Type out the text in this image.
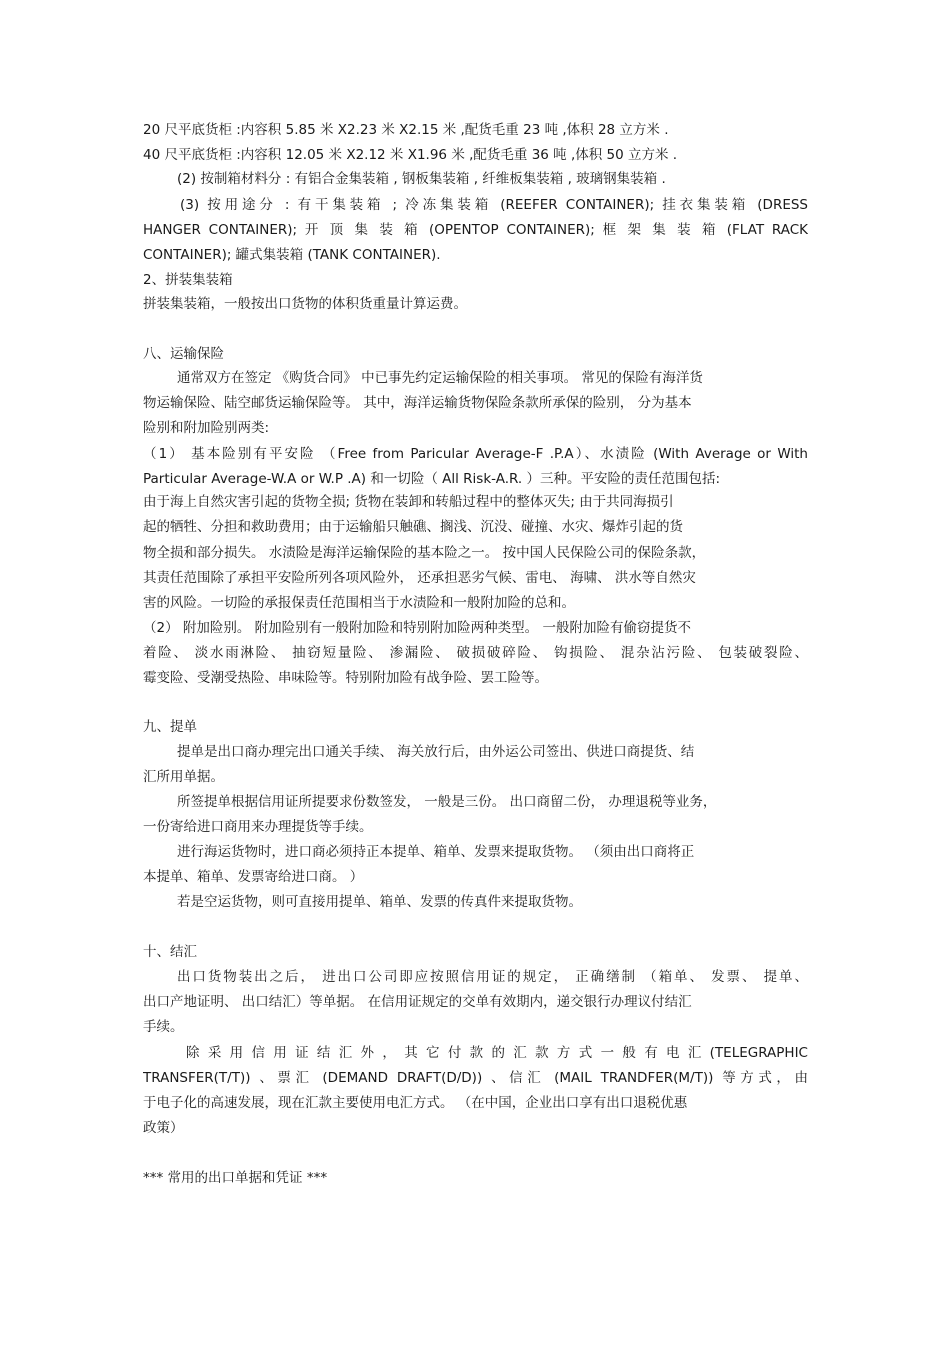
20 尺平底货柜 :内容积 5.85 米 X2.23 米 X2.15 米 ,配货毛重 23 吨 ,体积 28 立方米 .
40 尺平底货柜 :内容积 12.05 米 X2.12 米 X1.96 米 ,配货毛重 36 吨 ,体积 50 立方米 .
(2) 按制箱材料分 : 有铝合金集装箱 , 钢板集装箱 , 纤维板集装箱 , 玻璃钢集装箱 .
(3) 按用途分 : 有干集装箱 ; 冷冻集装箱 (REEFER CONTAINER); 挂衣集装箱 (DRESS
HANGER CONTAINER); 开 顶 集 装 箱 (OPENTOP CONTAINER); 框 架 集 装 箱 (FLAT RACK
CONTAINER); 罐式集装箱 (TANK CONTAINER).
2、拼装集装箱
拼装集装箱，一般按出口货物的体积货重量计算运费。
八、运输保险
通常双方在签定 《购货合同》 中已事先约定运输保险的相关事项。 常见的保险有海洋货
物运输保险、陆空邮货运输保险等。 其中，海洋运输货物保险条款所承保的险别， 分为基本
险别和附加险别两类:
（1） 基本险别有平安险 （Free from Paricular Average-F .P.A）、水渍险 (With Average or With
Particular Average-W.A or W.P .A) 和一切险（ All Risk-A.R. ）三种。平安险的责任范围包括:
由于海上自然灾害引起的货物全损; 货物在装卸和转船过程中的整体灭失; 由于共同海损引
起的牺牲、分担和救助费用；由于运输船只触礁、搁浅、沉没、碰撞、水灾、爆炸引起的货
物全损和部分损失。 水渍险是海洋运输保险的基本险之一。 按中国人民保险公司的保险条款，
其责任范围除了承担平安险所列各项风险外， 还承担恶劣气候、雷电、 海啸、 洪水等自然灾
害的风险。一切险的承报保责任范围相当于水渍险和一般附加险的总和。
（2） 附加险别。 附加险别有一般附加险和特别附加险两种类型。 一般附加险有偷窃提货不
着险、 淡水雨淋险、 抽窃短量险、 渗漏险、 破损破碎险、 钩损险、 混杂沾污险、 包装破裂险、
霉变险、受潮受热险、串味险等。特别附加险有战争险、罢工险等。
九、提单
提单是出口商办理完出口通关手续、 海关放行后，由外运公司签出、供进口商提货、结
汇所用单据。
所签提单根据信用证所提要求份数签发， 一般是三份。 出口商留二份， 办理退税等业务，
一份寄给进口商用来办理提货等手续。
进行海运货物时，进口商必须持正本提单、箱单、发票来提取货物。 （须由出口商将正
本提单、箱单、发票寄给进口商。 ）
若是空运货物，则可直接用提单、箱单、发票的传真件来提取货物。
十、结汇
出口货物装出之后， 进出口公司即应按照信用证的规定， 正确缮制 （箱单、 发票、 提单、
出口产地证明、 出口结汇）等单据。 在信用证规定的交单有效期内，递交银行办理议付结汇
手续。
除 采 用 信 用 证 结 汇 外 ， 其 它 付 款 的 汇 款 方 式 一 般 有 电 汇 (TELEGRAPHIC
TRANSFER(T/T)) 、票汇 (DEMAND DRAFT(D/D)) 、信汇 (MAIL TRANDFER(M/T)) 等方式，由
于电子化的高速发展，现在汇款主要使用电汇方式。 （在中国，企业出口享有出口退税优惠
政策）
*** 常用的出口单据和凭证 ***
